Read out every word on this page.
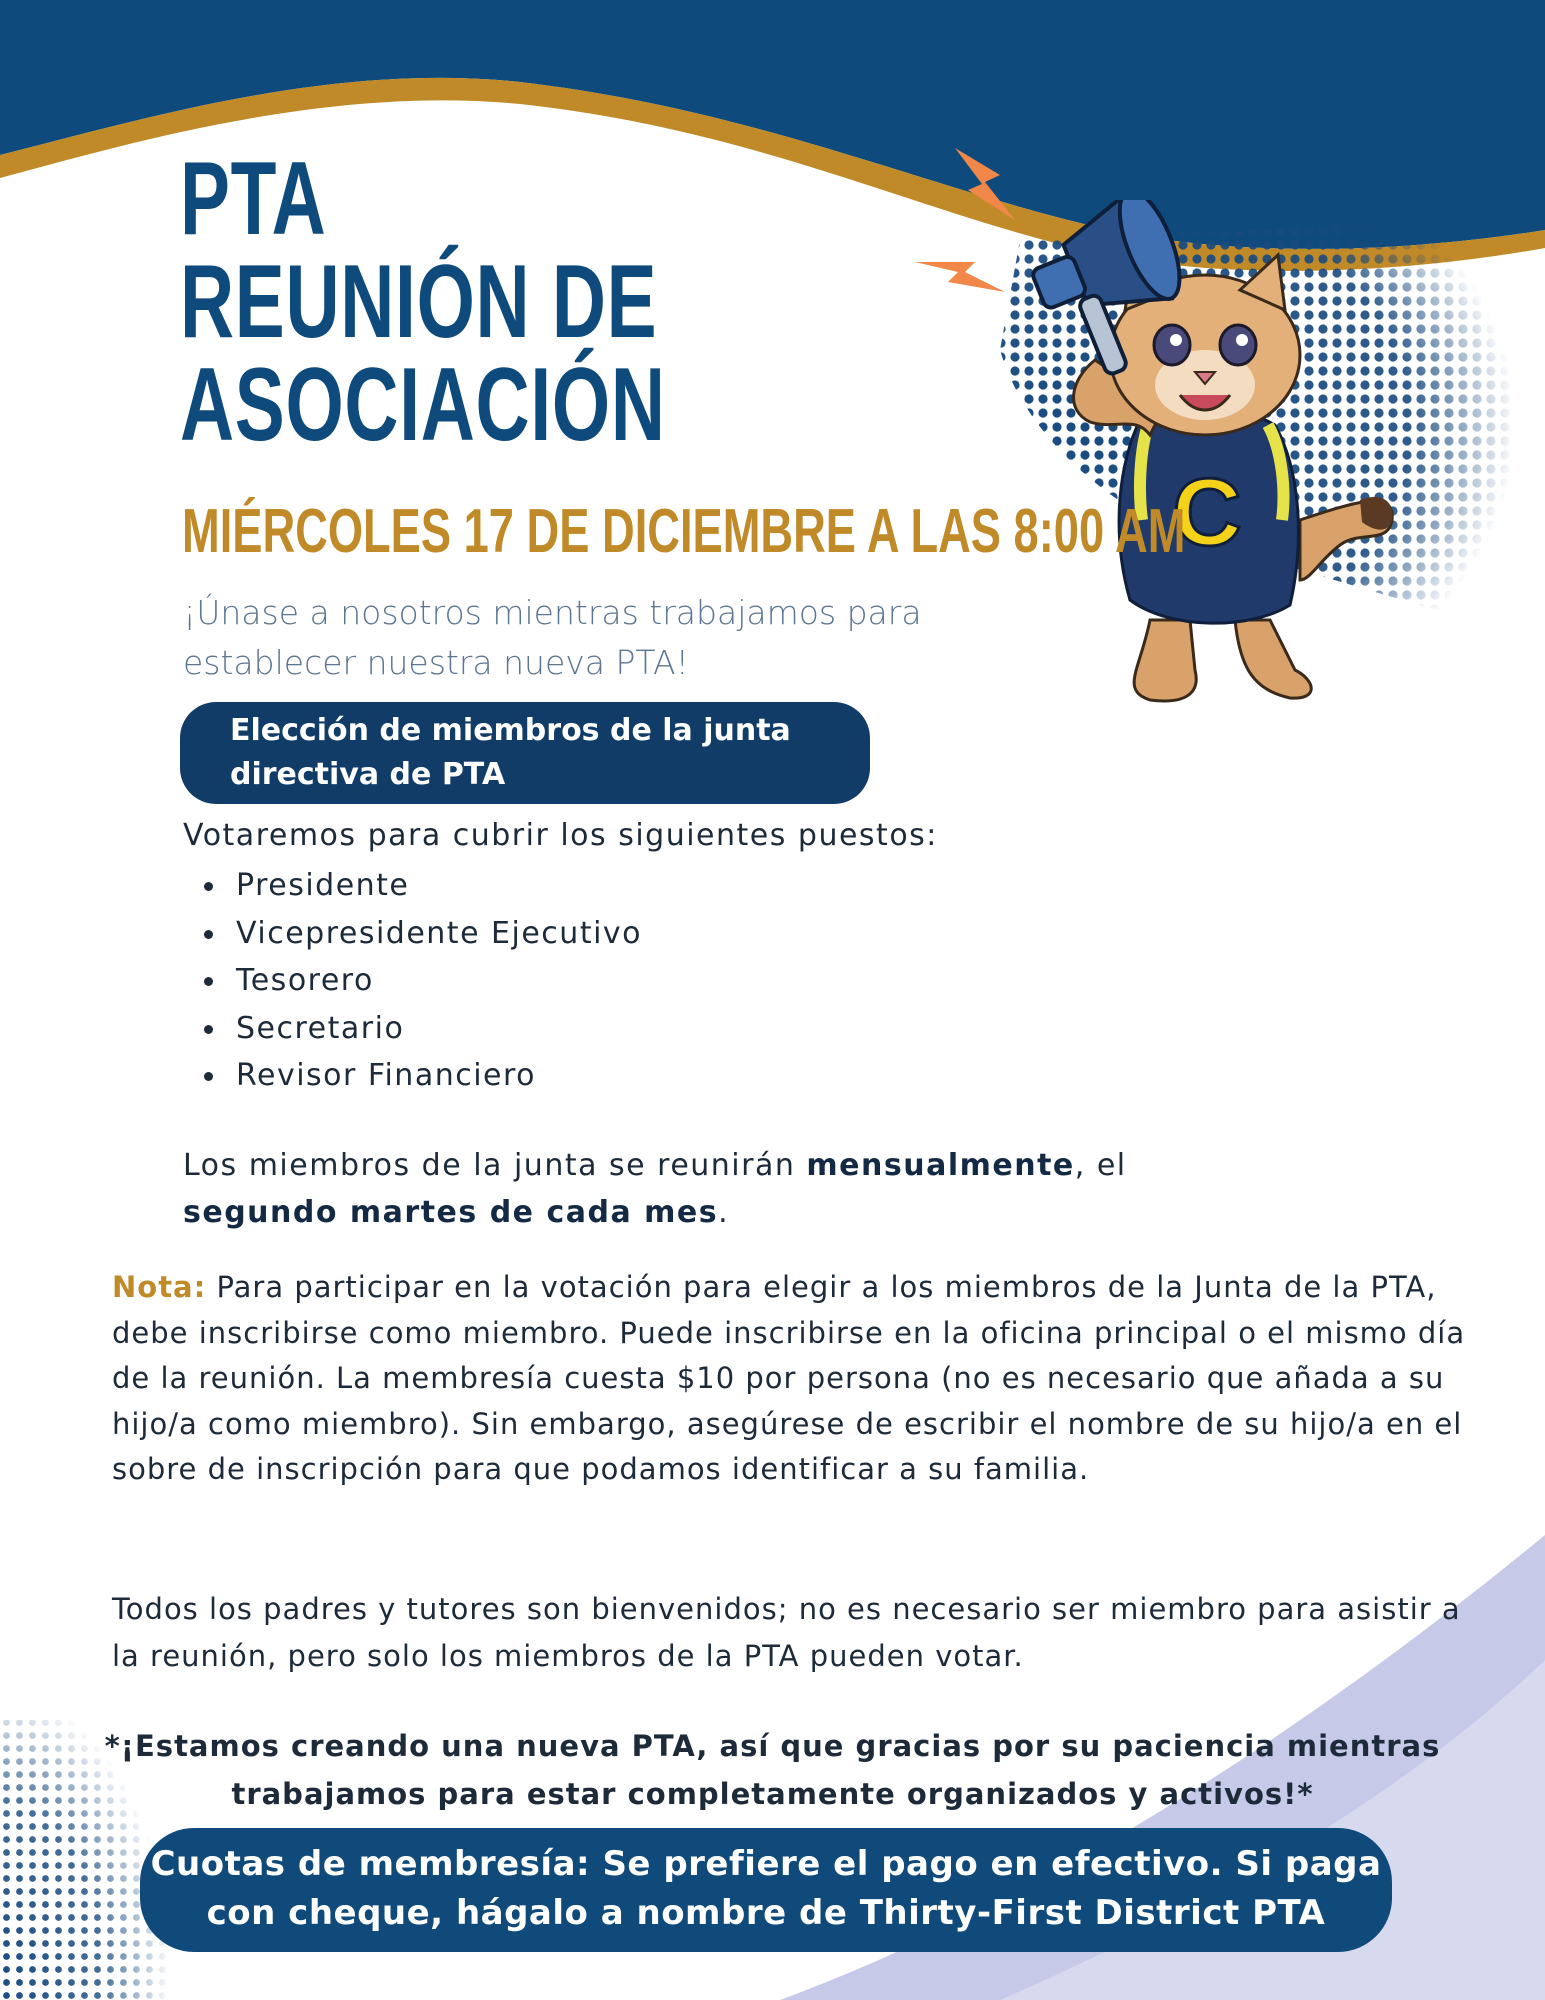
C
PTA
REUNIÓN DE
ASOCIACIÓN
MIÉRCOLES 17 DE DICIEMBRE A LAS 8:00 AM
¡Únase a nosotros mientras trabajamos para
establecer nuestra nueva PTA!
Elección de miembros de la junta
directiva de PTA
Votaremos para cubrir los siguientes puestos:
Presidente
Vicepresidente Ejecutivo
Tesorero
Secretario
Revisor Financiero
Los miembros de la junta se reunirán mensualmente, el
segundo martes de cada mes.
Nota: Para participar en la votación para elegir a los miembros de la Junta de la PTA, debe inscribirse como miembro. Puede inscribirse en la oficina principal o el mismo día de la reunión. La membresía cuesta $10 por persona (no es necesario que añada a su hijo/a como miembro). Sin embargo, asegúrese de escribir el nombre de su hijo/a en el sobre de inscripción para que podamos identificar a su familia.
Todos los padres y tutores son bienvenidos; no es necesario ser miembro para asistir a la reunión, pero solo los miembros de la PTA pueden votar.
*¡Estamos creando una nueva PTA, así que gracias por su paciencia mientras
trabajamos para estar completamente organizados y activos!*
Cuotas de membresía: Se prefiere el pago en efectivo. Si paga
con cheque, hágalo a nombre de Thirty-First District PTA
